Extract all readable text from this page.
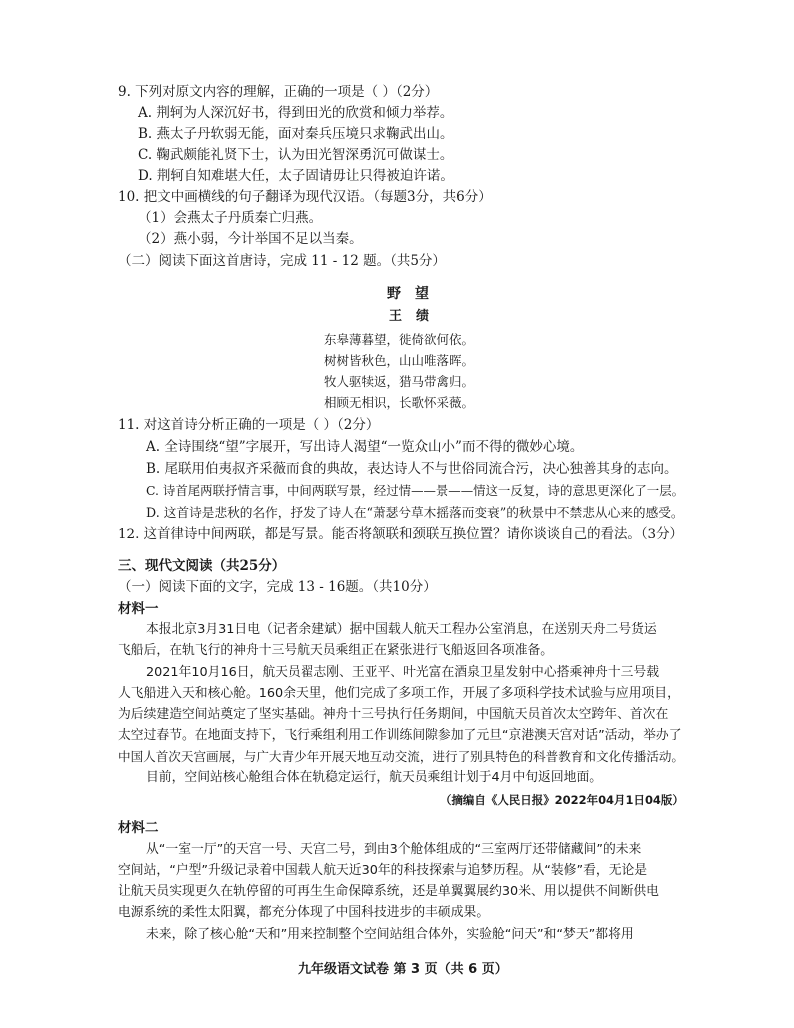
9. 下列对原文内容的理解，正确的一项是（ ）（2分）
A. 荆轲为人深沉好书，得到田光的欣赏和倾力举荐。
B. 燕太子丹软弱无能，面对秦兵压境只求鞠武出山。
C. 鞠武颇能礼贤下士，认为田光智深勇沉可做谋士。
D. 荆轲自知难堪大任，太子固请毋让只得被迫许诺。
10. 把文中画横线的句子翻译为现代汉语。（每题3分，共6分）
（1）会燕太子丹质秦亡归燕。
（2）燕小弱，今计举国不足以当秦。
（二）阅读下面这首唐诗，完成 11 - 12 题。（共5分）
野望
王绩
东皋薄暮望，徙倚欲何依。
树树皆秋色，山山唯落晖。
牧人驱犊返，猎马带禽归。
相顾无相识，长歌怀采薇。
11. 对这首诗分析正确的一项是（ ）（2分）
A. 全诗围绕“望”字展开，写出诗人渴望“一览众山小”而不得的微妙心境。
B. 尾联用伯夷叔齐采薇而食的典故，表达诗人不与世俗同流合污，决心独善其身的志向。
C. 诗首尾两联抒情言事，中间两联写景，经过情——景——情这一反复，诗的意思更深化了一层。
D. 这首诗是悲秋的名作，抒发了诗人在“萧瑟兮草木摇落而变衰”的秋景中不禁悲从心来的感受。
12. 这首律诗中间两联，都是写景。能否将颔联和颈联互换位置？请你谈谈自己的看法。（3分）
三、现代文阅读（共25分）
（一）阅读下面的文字，完成 13 - 16题。（共10分）
材料一
本报北京3月31日电（记者余建斌）据中国载人航天工程办公室消息，在送别天舟二号货运
飞船后，在轨飞行的神舟十三号航天员乘组正在紧张进行飞船返回各项准备。
2021年10月16日，航天员翟志刚、王亚平、叶光富在酒泉卫星发射中心搭乘神舟十三号载
人飞船进入天和核心舱。160余天里，他们完成了多项工作，开展了多项科学技术试验与应用项目，
为后续建造空间站奠定了坚实基础。神舟十三号执行任务期间，中国航天员首次太空跨年、首次在
太空过春节。在地面支持下，飞行乘组利用工作训练间隙参加了元旦“京港澳天宫对话”活动，举办了
中国人首次天宫画展，与广大青少年开展天地互动交流，进行了别具特色的科普教育和文化传播活动。
目前，空间站核心舱组合体在轨稳定运行，航天员乘组计划于4月中旬返回地面。
（摘编自《人民日报》2022年04月1日04版）
材料二
从“一室一厅”的天宫一号、天宫二号，到由3个舱体组成的“三室两厅还带储藏间”的未来
空间站，“户型”升级记录着中国载人航天近30年的科技探索与追梦历程。从“装修”看，无论是
让航天员实现更久在轨停留的可再生生命保障系统，还是单翼翼展约30米、用以提供不间断供电
电源系统的柔性太阳翼，都充分体现了中国科技进步的丰硕成果。
未来，除了核心舱“天和”用来控制整个空间站组合体外，实验舱“问天”和“梦天”都将用
九年级语文试卷 第 3 页（共 6 页）
